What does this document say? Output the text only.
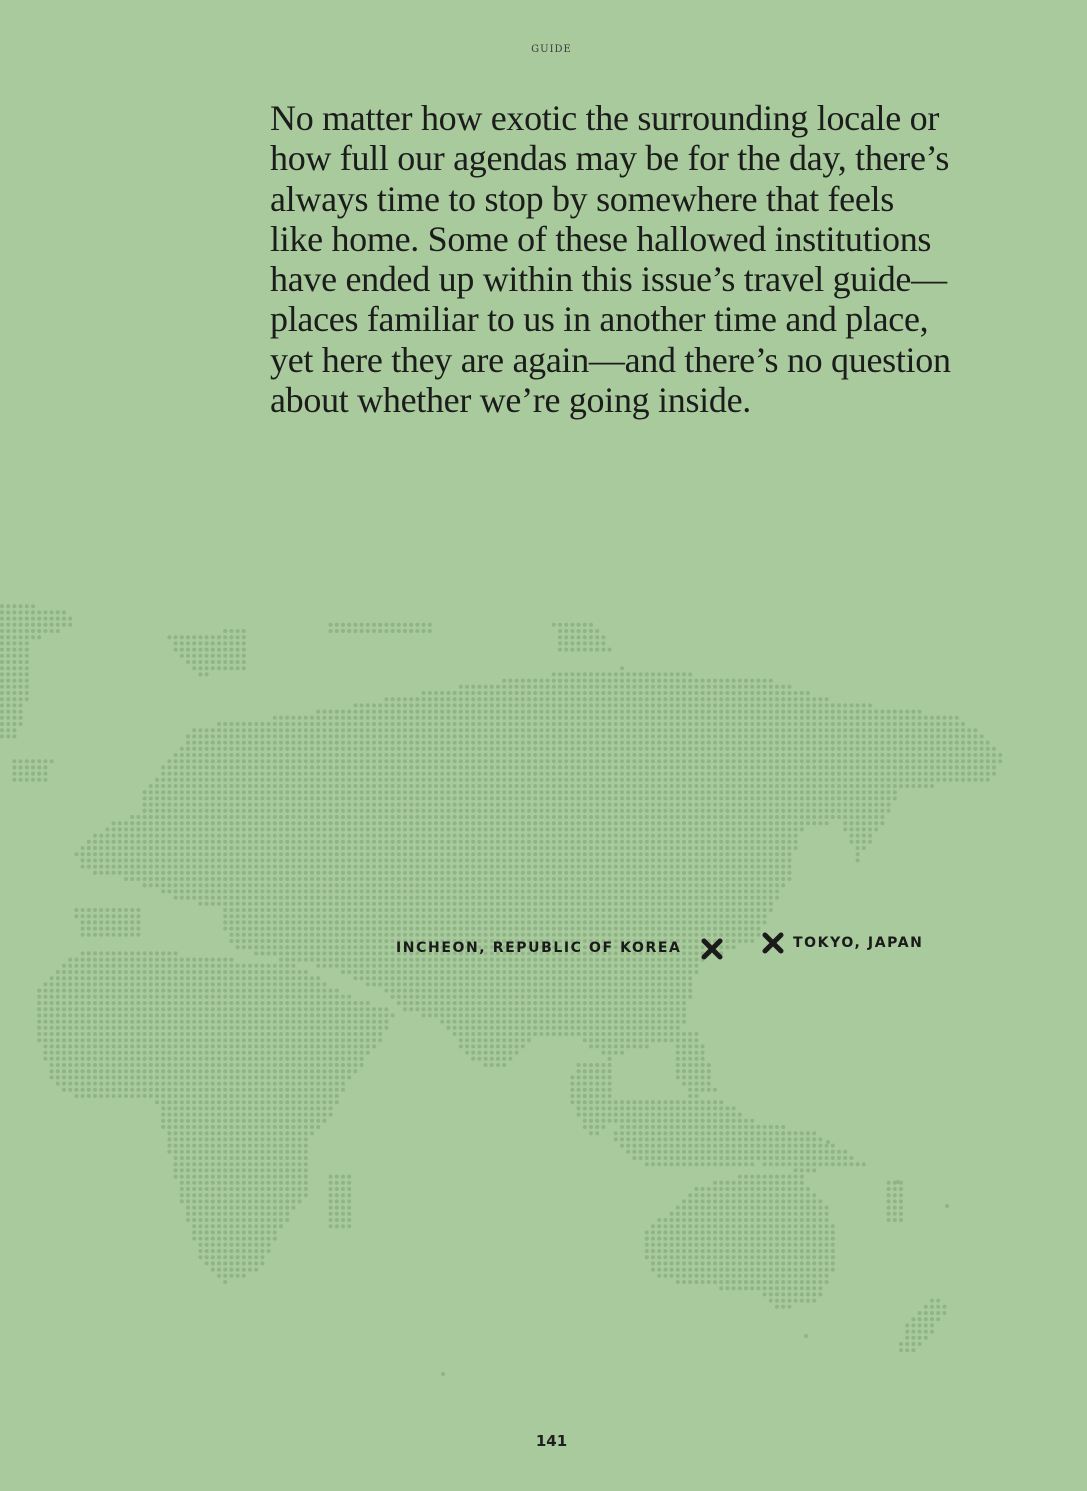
GUIDE

No matter how exotic the surrounding locale or
how full our agendas may be for the day, there’s
always time to stop by somewhere that feels
like home. Some of these hallowed institutions
have ended up within this issue’s travel guide—
places familiar to us in another time and place,
yet here they are again—and there’s no question
about whether we’re going inside.

INCHEON, REPUBLIC OF KOREA	TOKYO, JAPAN
141
